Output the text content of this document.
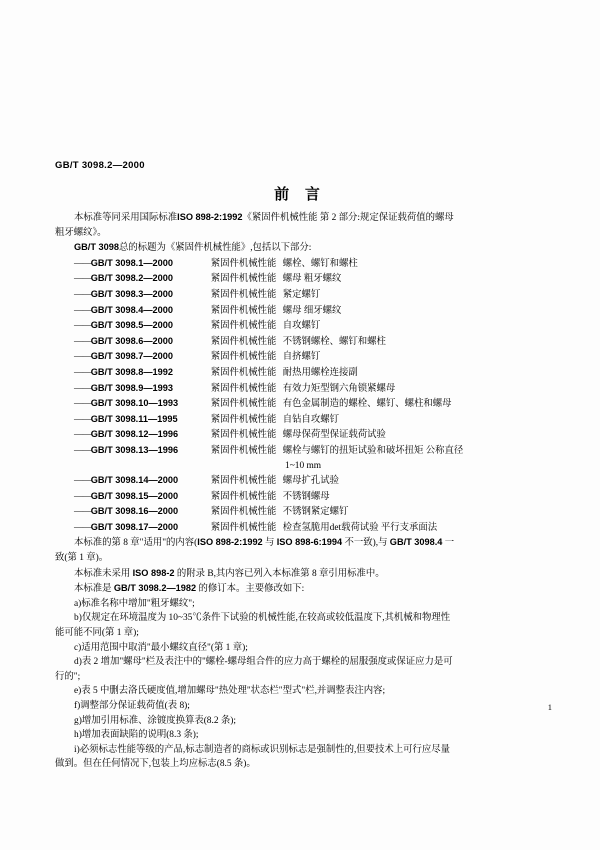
GB/T 3098.2—2000
前 言

本标准等同采用国际标准ISO 898-2:1992《紧固件机械性能 第 2 部分:规定保证载荷值的螺母

粗牙螺纹》。

GB/T 3098总的标题为《紧固件机械性能》,包括以下部分:

——GB/T 3098.1—2000	紧固件机械性能 螺栓、螺钉和螺柱

——GB/T 3098.2—2000	紧固件机械性能 螺母 粗牙螺纹

——GB/T 3098.3—2000	紧固件机械性能 紧定螺钉

——GB/T 3098.4—2000	紧固件机械性能 螺母 细牙螺纹

——GB/T 3098.5—2000	紧固件机械性能 自攻螺钉

——GB/T 3098.6—2000	紧固件机械性能 不锈钢螺栓、螺钉和螺柱

——GB/T 3098.7—2000	紧固件机械性能 自挤螺钉

——GB/T 3098.8—1992	紧固件机械性能 耐热用螺栓连接副

——GB/T 3098.9—1993	紧固件机械性能 有效力矩型钢六角锁紧螺母

——GB/T 3098.10—1993	紧固件机械性能 有色金属制造的螺栓、螺钉、螺柱和螺母

——GB/T 3098.11—1995	紧固件机械性能 自钻自攻螺钉

——GB/T 3098.12—1996	紧固件机械性能 螺母保荷型保证载荷试验

——GB/T 3098.13—1996	紧固件机械性能 螺栓与螺钉的扭矩试验和破坏扭矩 公称直径

1~10 mm

——GB/T 3098.14—2000	紧固件机械性能 螺母扩孔试验

——GB/T 3098.15—2000	紧固件机械性能 不锈钢螺母

——GB/T 3098.16—2000	紧固件机械性能 不锈钢紧定螺钉

——GB/T 3098.17—2000	紧固件机械性能 检查氢脆用det载荷试验 平行支承面法

本标准的第 8 章"适用"的内容(ISO 898-2:1992 与 ISO 898-6:1994 不一致),与 GB/T 3098.4 一

致(第 1 章)。

本标准未采用 ISO 898-2 的附录 B,其内容已列入本标准第 8 章引用标准中。

本标准是 GB/T 3098.2—1982 的修订本。主要修改如下:

a)标准名称中增加"粗牙螺纹";

b)仅规定在环境温度为 10~35℃条件下试验的机械性能,在较高或较低温度下,其机械和物理性

能可能不同(第 1 章);

c)适用范围中取消"最小螺纹直径"(第 1 章);

d)表 2 增加"螺母"栏及表注中的"螺栓-螺母组合件的应力高于螺栓的屈服强度或保证应力是可

行的";

e)表 5 中删去洛氏硬度值,增加螺母"热处理"状态栏"型式"栏,并调整表注内容;

f)调整部分保证载荷值(表 8);

g)增加引用标准、涂镀度换算表(8.2 条);

h)增加表面缺陷的说明(8.3 条);

i)必须标志性能等级的产品,标志制造者的商标或识别标志是强制性的,但要技术上可行应尽量

做到。但在任何情况下,包装上均应标志(8.5 条)。

1
